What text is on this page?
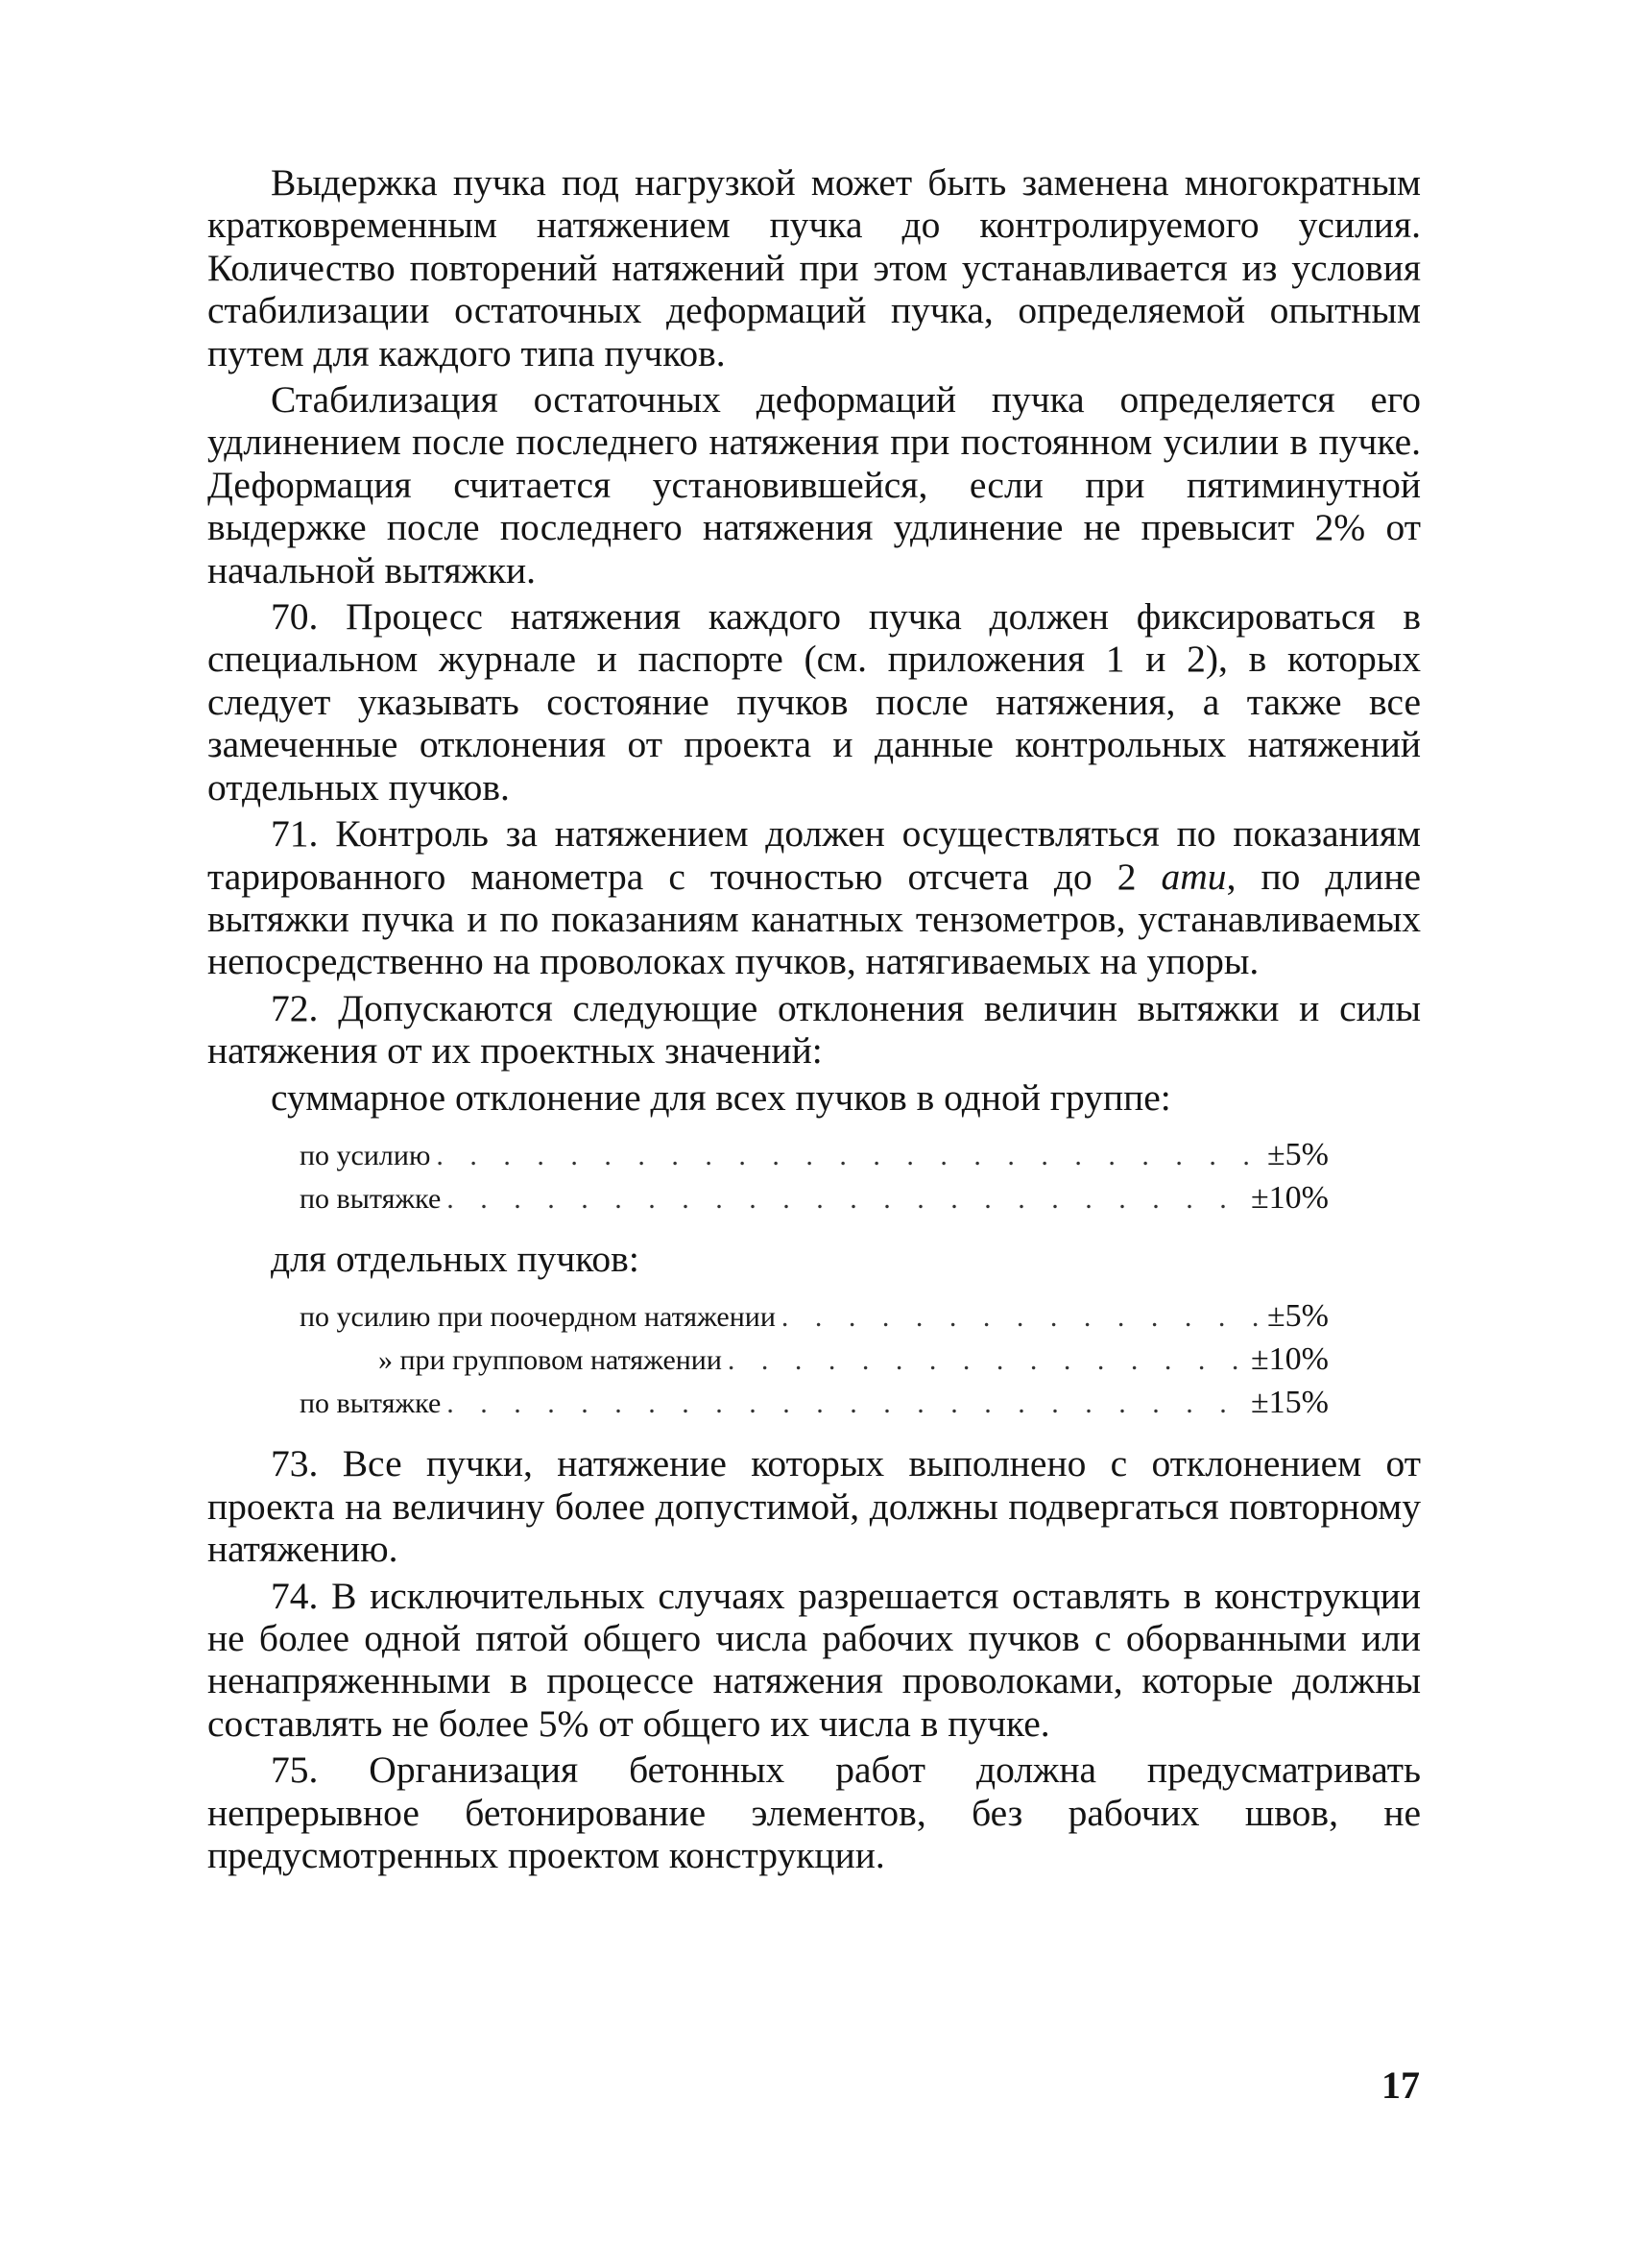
Выдержка пучка под нагрузкой может быть заменена многократным кратковременным натяжением пучка до контролируемого усилия. Количество повторений натяжений при этом устанавливается из условия стабилизации остаточных деформаций пучка, определяемой опытным путем для каждого типа пучков.

Стабилизация остаточных деформаций пучка определяется его удлинением после последнего натяжения при постоянном усилии в пучке. Деформация считается установившейся, если при пятиминутной выдержке после последнего натяжения удлинение не превысит 2% от начальной вытяжки.

70. Процесс натяжения каждого пучка должен фиксироваться в специальном журнале и паспорте (см. приложения 1 и 2), в которых следует указывать состояние пучков после натяжения, а также все замеченные отклонения от проекта и данные контрольных натяжений отдельных пучков.

71. Контроль за натяжением должен осуществляться по показаниям тарированного манометра с точностью отсчета до 2 ати, по длине вытяжки пучка и по показаниям канатных тензометров, устанавливаемых непосредственно на проволоках пучков, натягиваемых на упоры.

72. Допускаются следующие отклонения величин вытяжки и силы натяжения от их проектных значений:

суммарное отклонение для всех пучков в одной группе:

по усилию . . .	±5%
по вытяжке . . .	±10%

для отдельных пучков:

по усилию при поочердном натяжении . . .	±5%
» при групповом натяжении . . .	±10%
по вытяжке . . .	±15%

73. Все пучки, натяжение которых выполнено с отклонением от проекта на величину более допустимой, должны подвергаться повторному натяжению.

74. В исключительных случаях разрешается оставлять в конструкции не более одной пятой общего числа рабочих пучков с оборванными или ненапряженными в процессе натяжения проволоками, которые должны составлять не более 5% от общего их числа в пучке.

75. Организация бетонных работ должна предусматривать непрерывное бетонирование элементов, без рабочих швов, не предусмотренных проектом конструкции.

17
